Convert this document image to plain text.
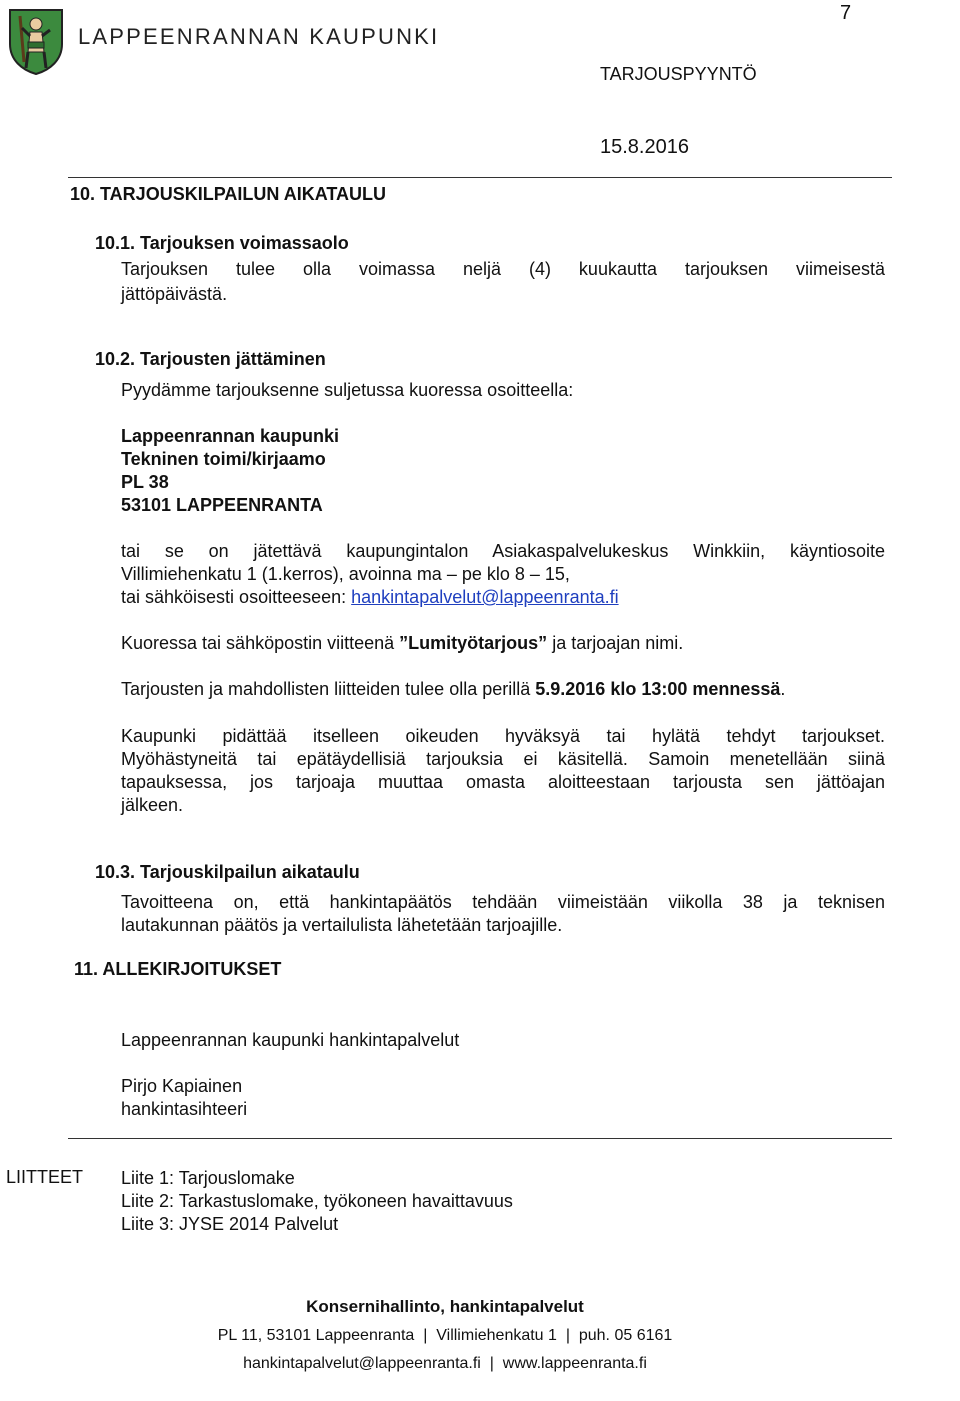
LAPPEENRANNAN KAUPUNKI
7
TARJOUSPYYNTÖ
15.8.2016
10. TARJOUSKILPAILUN AIKATAULU
10.1. Tarjouksen voimassaolo
Tarjouksen tulee olla voimassa neljä (4) kuukautta tarjouksen viimeisestä
jättöpäivästä.
10.2. Tarjousten jättäminen
Pyydämme tarjouksenne suljetussa kuoressa osoitteella:
Lappeenrannan kaupunki
Tekninen toimi/kirjaamo
PL 38
53101 LAPPEENRANTA
tai se on jätettävä kaupungintalon Asiakaspalvelukeskus Winkkiin, käyntiosoite
Villimiehenkatu 1 (1.kerros), avoinna ma – pe klo 8 – 15,
tai sähköisesti osoitteeseen: hankintapalvelut@lappeenranta.fi
Kuoressa tai sähköpostin viitteenä ”Lumityötarjous” ja tarjoajan nimi.
Tarjousten ja mahdollisten liitteiden tulee olla perillä 5.9.2016 klo 13:00 mennessä.
Kaupunki pidättää itselleen oikeuden hyväksyä tai hylätä tehdyt tarjoukset.
Myöhästyneitä tai epätäydellisiä tarjouksia ei käsitellä. Samoin menetellään siinä
tapauksessa, jos tarjoaja muuttaa omasta aloitteestaan tarjousta sen jättöajan
jälkeen.
10.3. Tarjouskilpailun aikataulu
Tavoitteena on, että hankintapäätös tehdään viimeistään viikolla 38 ja teknisen
lautakunnan päätös ja vertailulista lähetetään tarjoajille.
11. ALLEKIRJOITUKSET
Lappeenrannan kaupunki hankintapalvelut
Pirjo Kapiainen
hankintasihteeri
LIITTEET Liite 1: Tarjouslomake
Liite 2: Tarkastuslomake, työkoneen havaittavuus
Liite 3: JYSE 2014 Palvelut
Konsernihallinto, hankintapalvelut
PL 11, 53101 Lappeenranta  |  Villimiehenkatu 1  |  puh. 05 6161
hankintapalvelut@lappeenranta.fi  |  www.lappeenranta.fi
